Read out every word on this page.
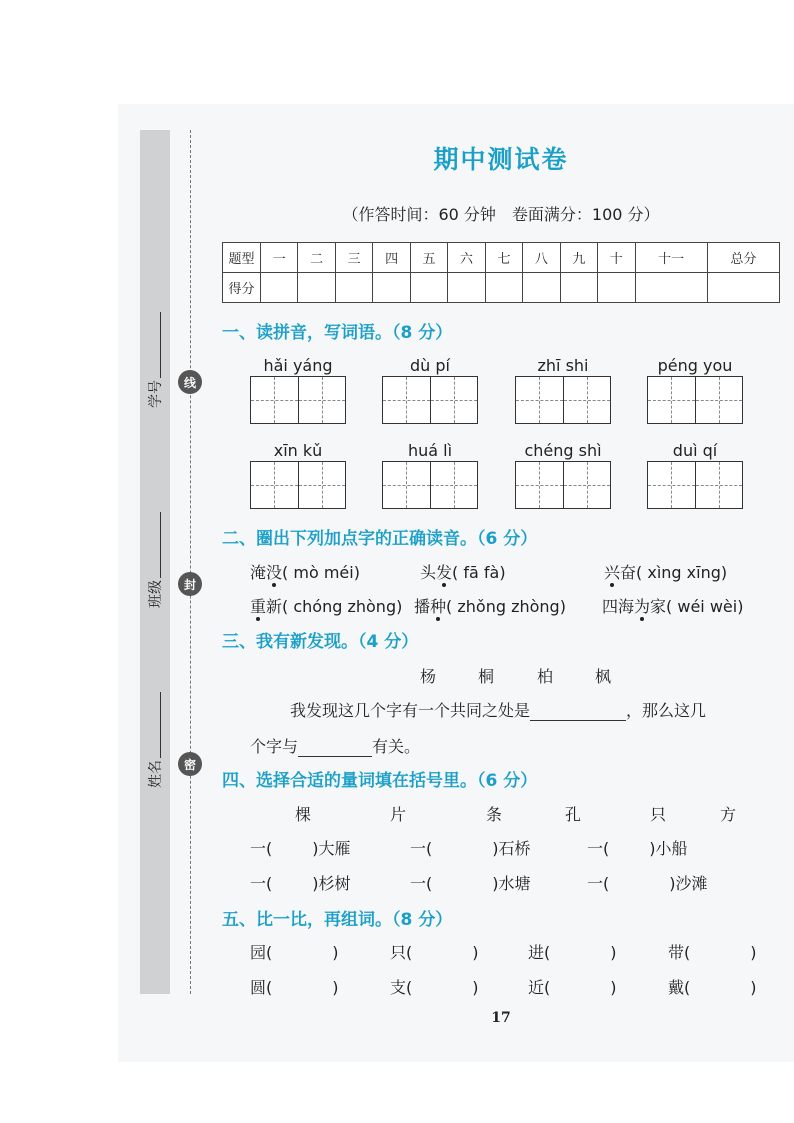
线
封
密
学号
班级
姓名
期中测试卷
（作答时间：60 分钟　卷面满分：100 分）
题型	一	二	三	四	五	六	七	八	九	十	十一	总分
得分												
一、读拼音，写词语。（8 分）
hǎi yáng	dù pí	zhī shi	péng you
xīn kǔ	huá lì	chéng shì	duì qí
二、圈出下列加点字的正确读音。（6 分）
淹没( mò méi)	头发( fā fà)	兴奋( xìng xīng)
重新( chóng zhòng) 播种( zhǒng zhòng) 四海为家( wéi wèi)
三、我有新发现。（4 分）
杨	桐	柏	枫
我发现这几个字有一个共同之处是	，那么这几
个字与	有关。
四、选择合适的量词填在括号里。（6 分）
棵	片	条	孔	只	方
一(	)大雁	一(	)石桥	一(	)小船
一(	)杉树	一(	)水塘	一(	)沙滩
五、比一比，再组词。（8 分）
园(	)	只(	)	进(	)	带(	)
圆(	)	支(	)	近(	)	戴(	)
17
